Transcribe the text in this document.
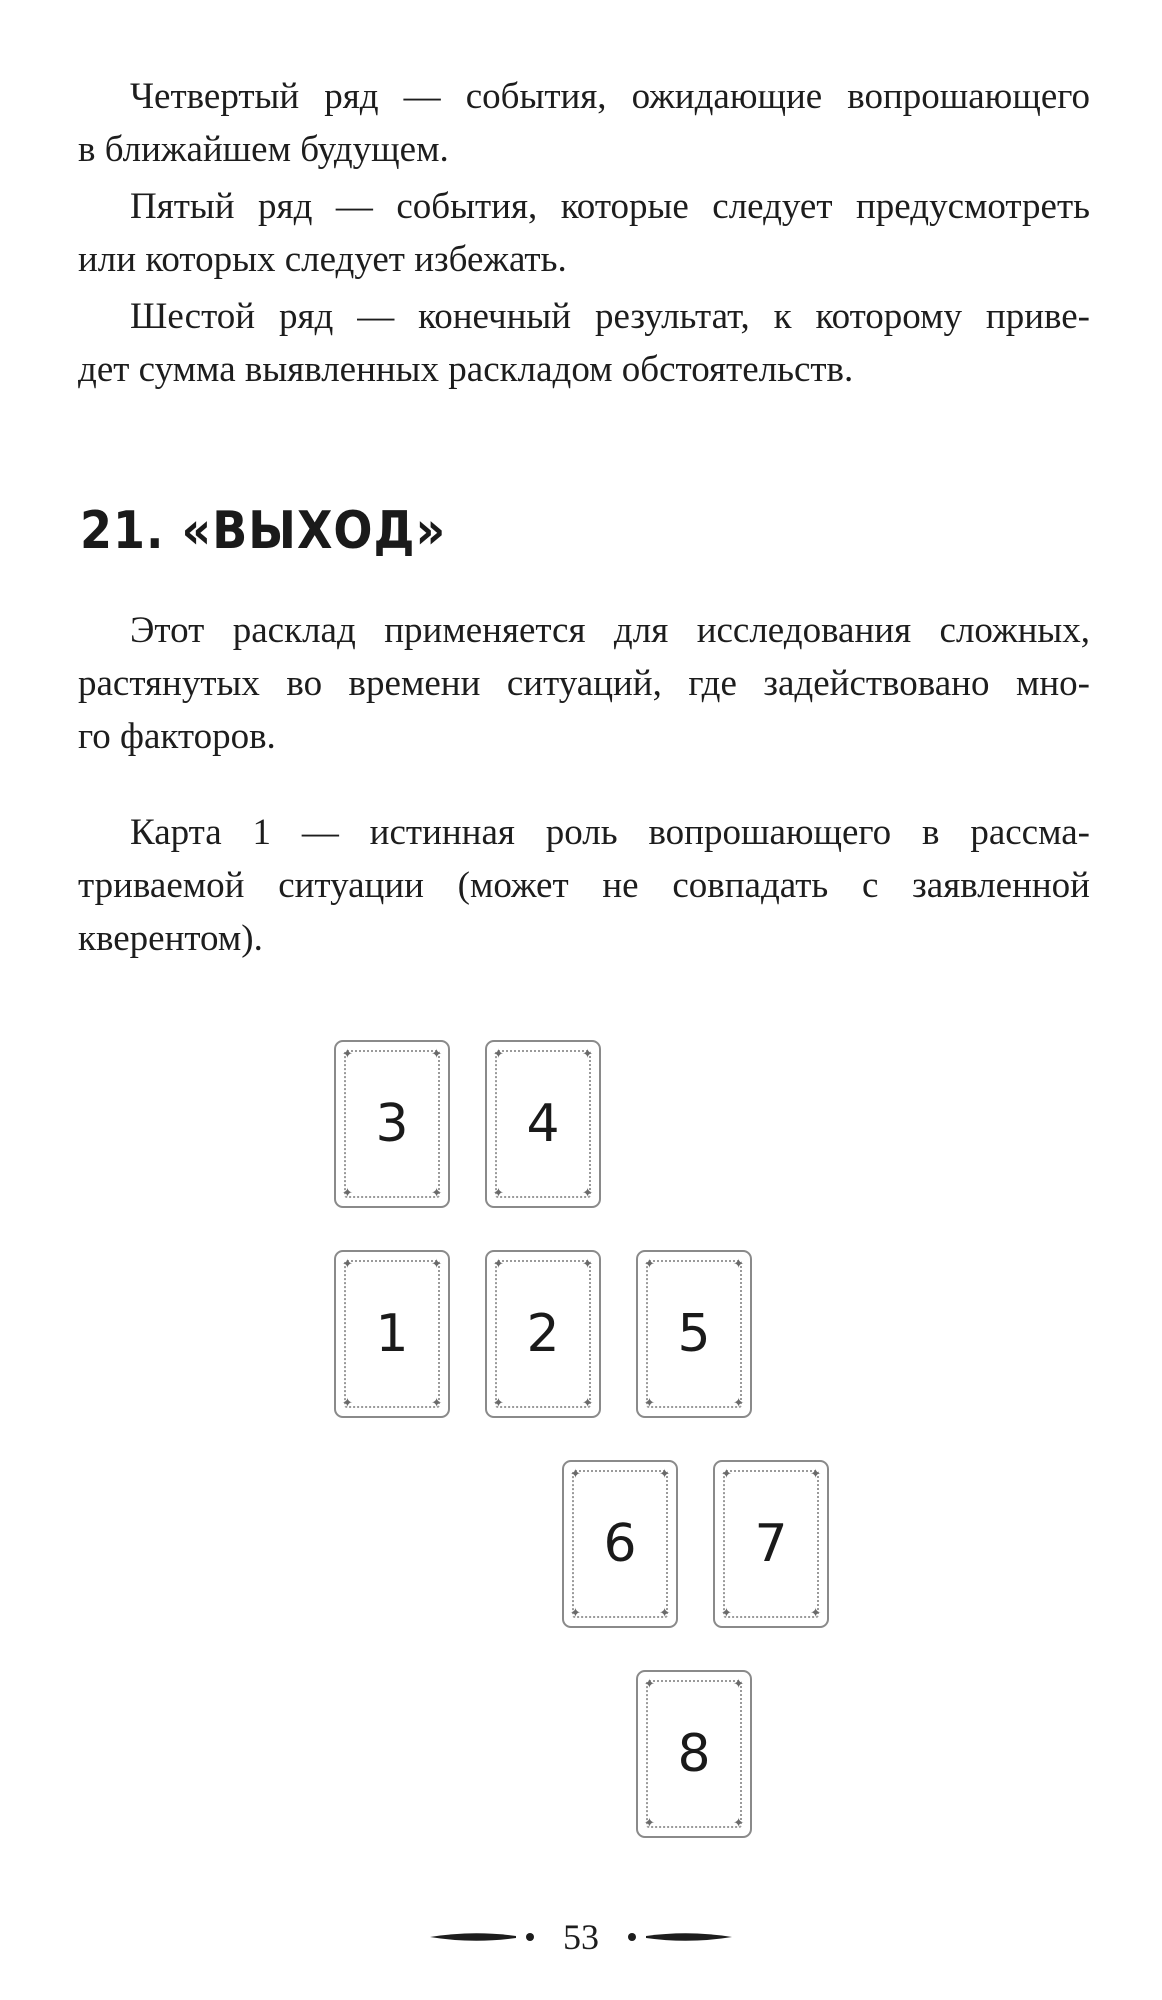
Четвертый ряд — события, ожидающие вопрошающего
в ближайшем будущем.

Пятый ряд — события, которые следует предусмотреть
или которых следует избежать.

Шестой ряд — конечный результат, к которому приве-
дет сумма выявленных раскладом обстоятельств.

21. «ВЫХОД»

Этот расклад применяется для исследования сложных,
растянутых во времени ситуаций, где задействовано мно-
го факторов.

Карта 1 — истинная роль вопрошающего в рассма-
триваемой ситуации (может не совпадать с заявленной
кверентом).

✦	✦
✦	✦
3
✦	✦
✦	✦
4
✦	✦
✦	✦
1
✦	✦
✦	✦
2
✦	✦
✦	✦
5
✦	✦
✦	✦
6
✦	✦
✦	✦
7
✦	✦
✦	✦
8
53
